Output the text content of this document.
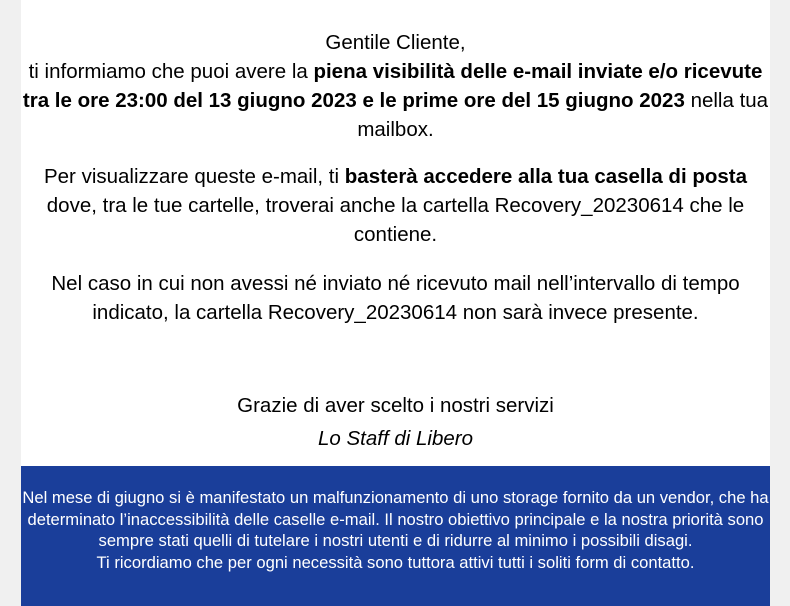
Gentile Cliente,
ti informiamo che puoi avere la piena visibilità delle e-mail inviate e/o ricevute tra le ore 23:00 del 13 giugno 2023 e le prime ore del 15 giugno 2023 nella tua mailbox.

Per visualizzare queste e-mail, ti basterà accedere alla tua casella di posta dove, tra le tue cartelle, troverai anche la cartella Recovery_20230614 che le contiene.

Nel caso in cui non avessi né inviato né ricevuto mail nell’intervallo di tempo indicato, la cartella Recovery_20230614 non sarà invece presente.

Grazie di aver scelto i nostri servizi

Lo Staff di Libero

Nel mese di giugno si è manifestato un malfunzionamento di uno storage fornito da un vendor, che ha determinato l’inaccessibilità delle caselle e-mail. Il nostro obiettivo principale e la nostra priorità sono sempre stati quelli di tutelare i nostri utenti e di ridurre al minimo i possibili disagi.
Ti ricordiamo che per ogni necessità sono tuttora attivi tutti i soliti form di contatto.
